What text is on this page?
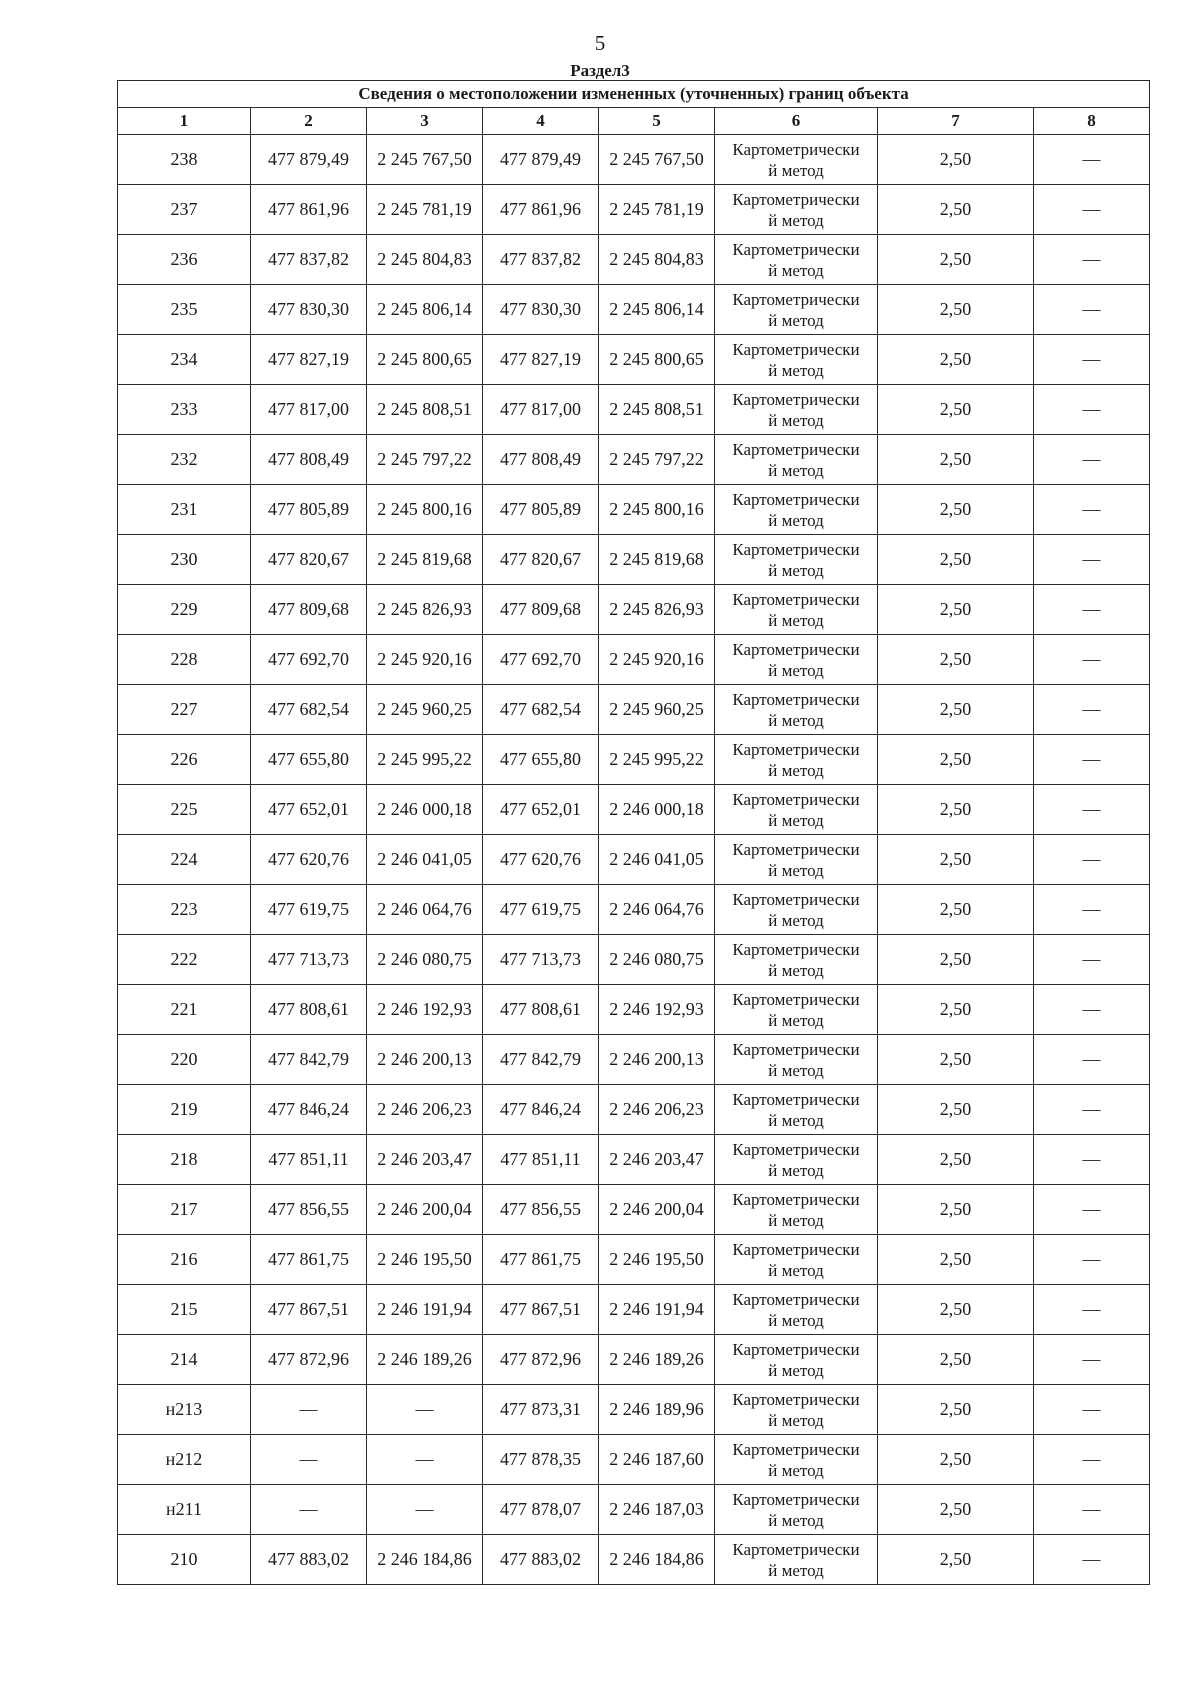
5
Раздел3
Сведения о местоположении измененных (уточненных) границ объекта							
1	2	3	4	5	6	7	8
238	477 879,49	2 245 767,50	477 879,49	2 245 767,50	Картометрически
й метод	2,50	—
237	477 861,96	2 245 781,19	477 861,96	2 245 781,19	Картометрически
й метод	2,50	—
236	477 837,82	2 245 804,83	477 837,82	2 245 804,83	Картометрически
й метод	2,50	—
235	477 830,30	2 245 806,14	477 830,30	2 245 806,14	Картометрически
й метод	2,50	—
234	477 827,19	2 245 800,65	477 827,19	2 245 800,65	Картометрически
й метод	2,50	—
233	477 817,00	2 245 808,51	477 817,00	2 245 808,51	Картометрически
й метод	2,50	—
232	477 808,49	2 245 797,22	477 808,49	2 245 797,22	Картометрически
й метод	2,50	—
231	477 805,89	2 245 800,16	477 805,89	2 245 800,16	Картометрически
й метод	2,50	—
230	477 820,67	2 245 819,68	477 820,67	2 245 819,68	Картометрически
й метод	2,50	—
229	477 809,68	2 245 826,93	477 809,68	2 245 826,93	Картометрически
й метод	2,50	—
228	477 692,70	2 245 920,16	477 692,70	2 245 920,16	Картометрически
й метод	2,50	—
227	477 682,54	2 245 960,25	477 682,54	2 245 960,25	Картометрически
й метод	2,50	—
226	477 655,80	2 245 995,22	477 655,80	2 245 995,22	Картометрически
й метод	2,50	—
225	477 652,01	2 246 000,18	477 652,01	2 246 000,18	Картометрически
й метод	2,50	—
224	477 620,76	2 246 041,05	477 620,76	2 246 041,05	Картометрически
й метод	2,50	—
223	477 619,75	2 246 064,76	477 619,75	2 246 064,76	Картометрически
й метод	2,50	—
222	477 713,73	2 246 080,75	477 713,73	2 246 080,75	Картометрически
й метод	2,50	—
221	477 808,61	2 246 192,93	477 808,61	2 246 192,93	Картометрически
й метод	2,50	—
220	477 842,79	2 246 200,13	477 842,79	2 246 200,13	Картометрически
й метод	2,50	—
219	477 846,24	2 246 206,23	477 846,24	2 246 206,23	Картометрически
й метод	2,50	—
218	477 851,11	2 246 203,47	477 851,11	2 246 203,47	Картометрически
й метод	2,50	—
217	477 856,55	2 246 200,04	477 856,55	2 246 200,04	Картометрически
й метод	2,50	—
216	477 861,75	2 246 195,50	477 861,75	2 246 195,50	Картометрически
й метод	2,50	—
215	477 867,51	2 246 191,94	477 867,51	2 246 191,94	Картометрически
й метод	2,50	—
214	477 872,96	2 246 189,26	477 872,96	2 246 189,26	Картометрически
й метод	2,50	—
н213	—	—	477 873,31	2 246 189,96	Картометрически
й метод	2,50	—
н212	—	—	477 878,35	2 246 187,60	Картометрически
й метод	2,50	—
н211	—	—	477 878,07	2 246 187,03	Картометрически
й метод	2,50	—
210	477 883,02	2 246 184,86	477 883,02	2 246 184,86	Картометрически
й метод	2,50	—
